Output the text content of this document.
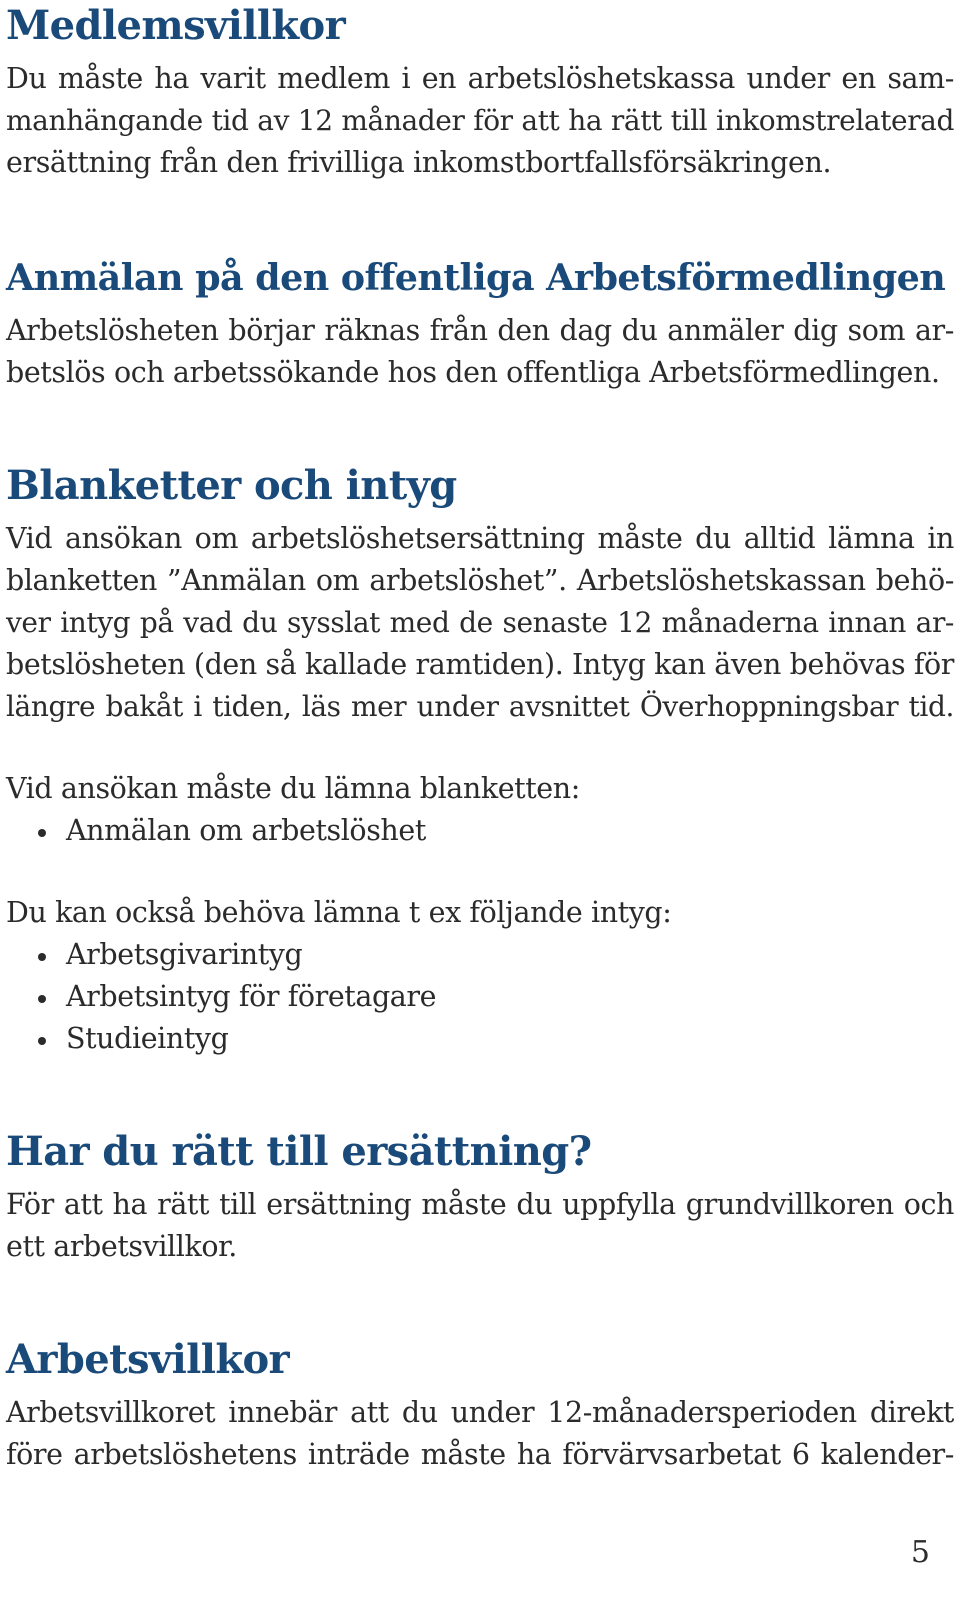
Medlemsvillkor
Du måste ha varit medlem i en arbetslöshetskassa under en sam-
manhängande tid av 12 månader för att ha rätt till inkomstrelaterad
ersättning från den frivilliga inkomstbortfallsförsäkringen.
Anmälan på den offentliga Arbetsförmedlingen
Arbetslösheten börjar räknas från den dag du anmäler dig som ar-
betslös och arbetssökande hos den offentliga Arbetsförmedlingen.
Blanketter och intyg
Vid ansökan om arbetslöshetsersättning måste du alltid lämna in
blanketten ”Anmälan om arbetslöshet”. Arbetslöshetskassan behö-
ver intyg på vad du sysslat med de senaste 12 månaderna innan ar-
betslösheten (den så kallade ramtiden). Intyg kan även behövas för
längre bakåt i tiden, läs mer under avsnittet Överhoppningsbar tid.
Vid ansökan måste du lämna blanketten:
Anmälan om arbetslöshet
Du kan också behöva lämna t ex följande intyg:
Arbetsgivarintyg
Arbetsintyg för företagare
Studieintyg
Har du rätt till ersättning?
För att ha rätt till ersättning måste du uppfylla grundvillkoren och
ett arbetsvillkor.
Arbetsvillkor
Arbetsvillkoret innebär att du under 12-månadersperioden direkt
före arbetslöshetens inträde måste ha förvärvsarbetat 6 kalender-
5
